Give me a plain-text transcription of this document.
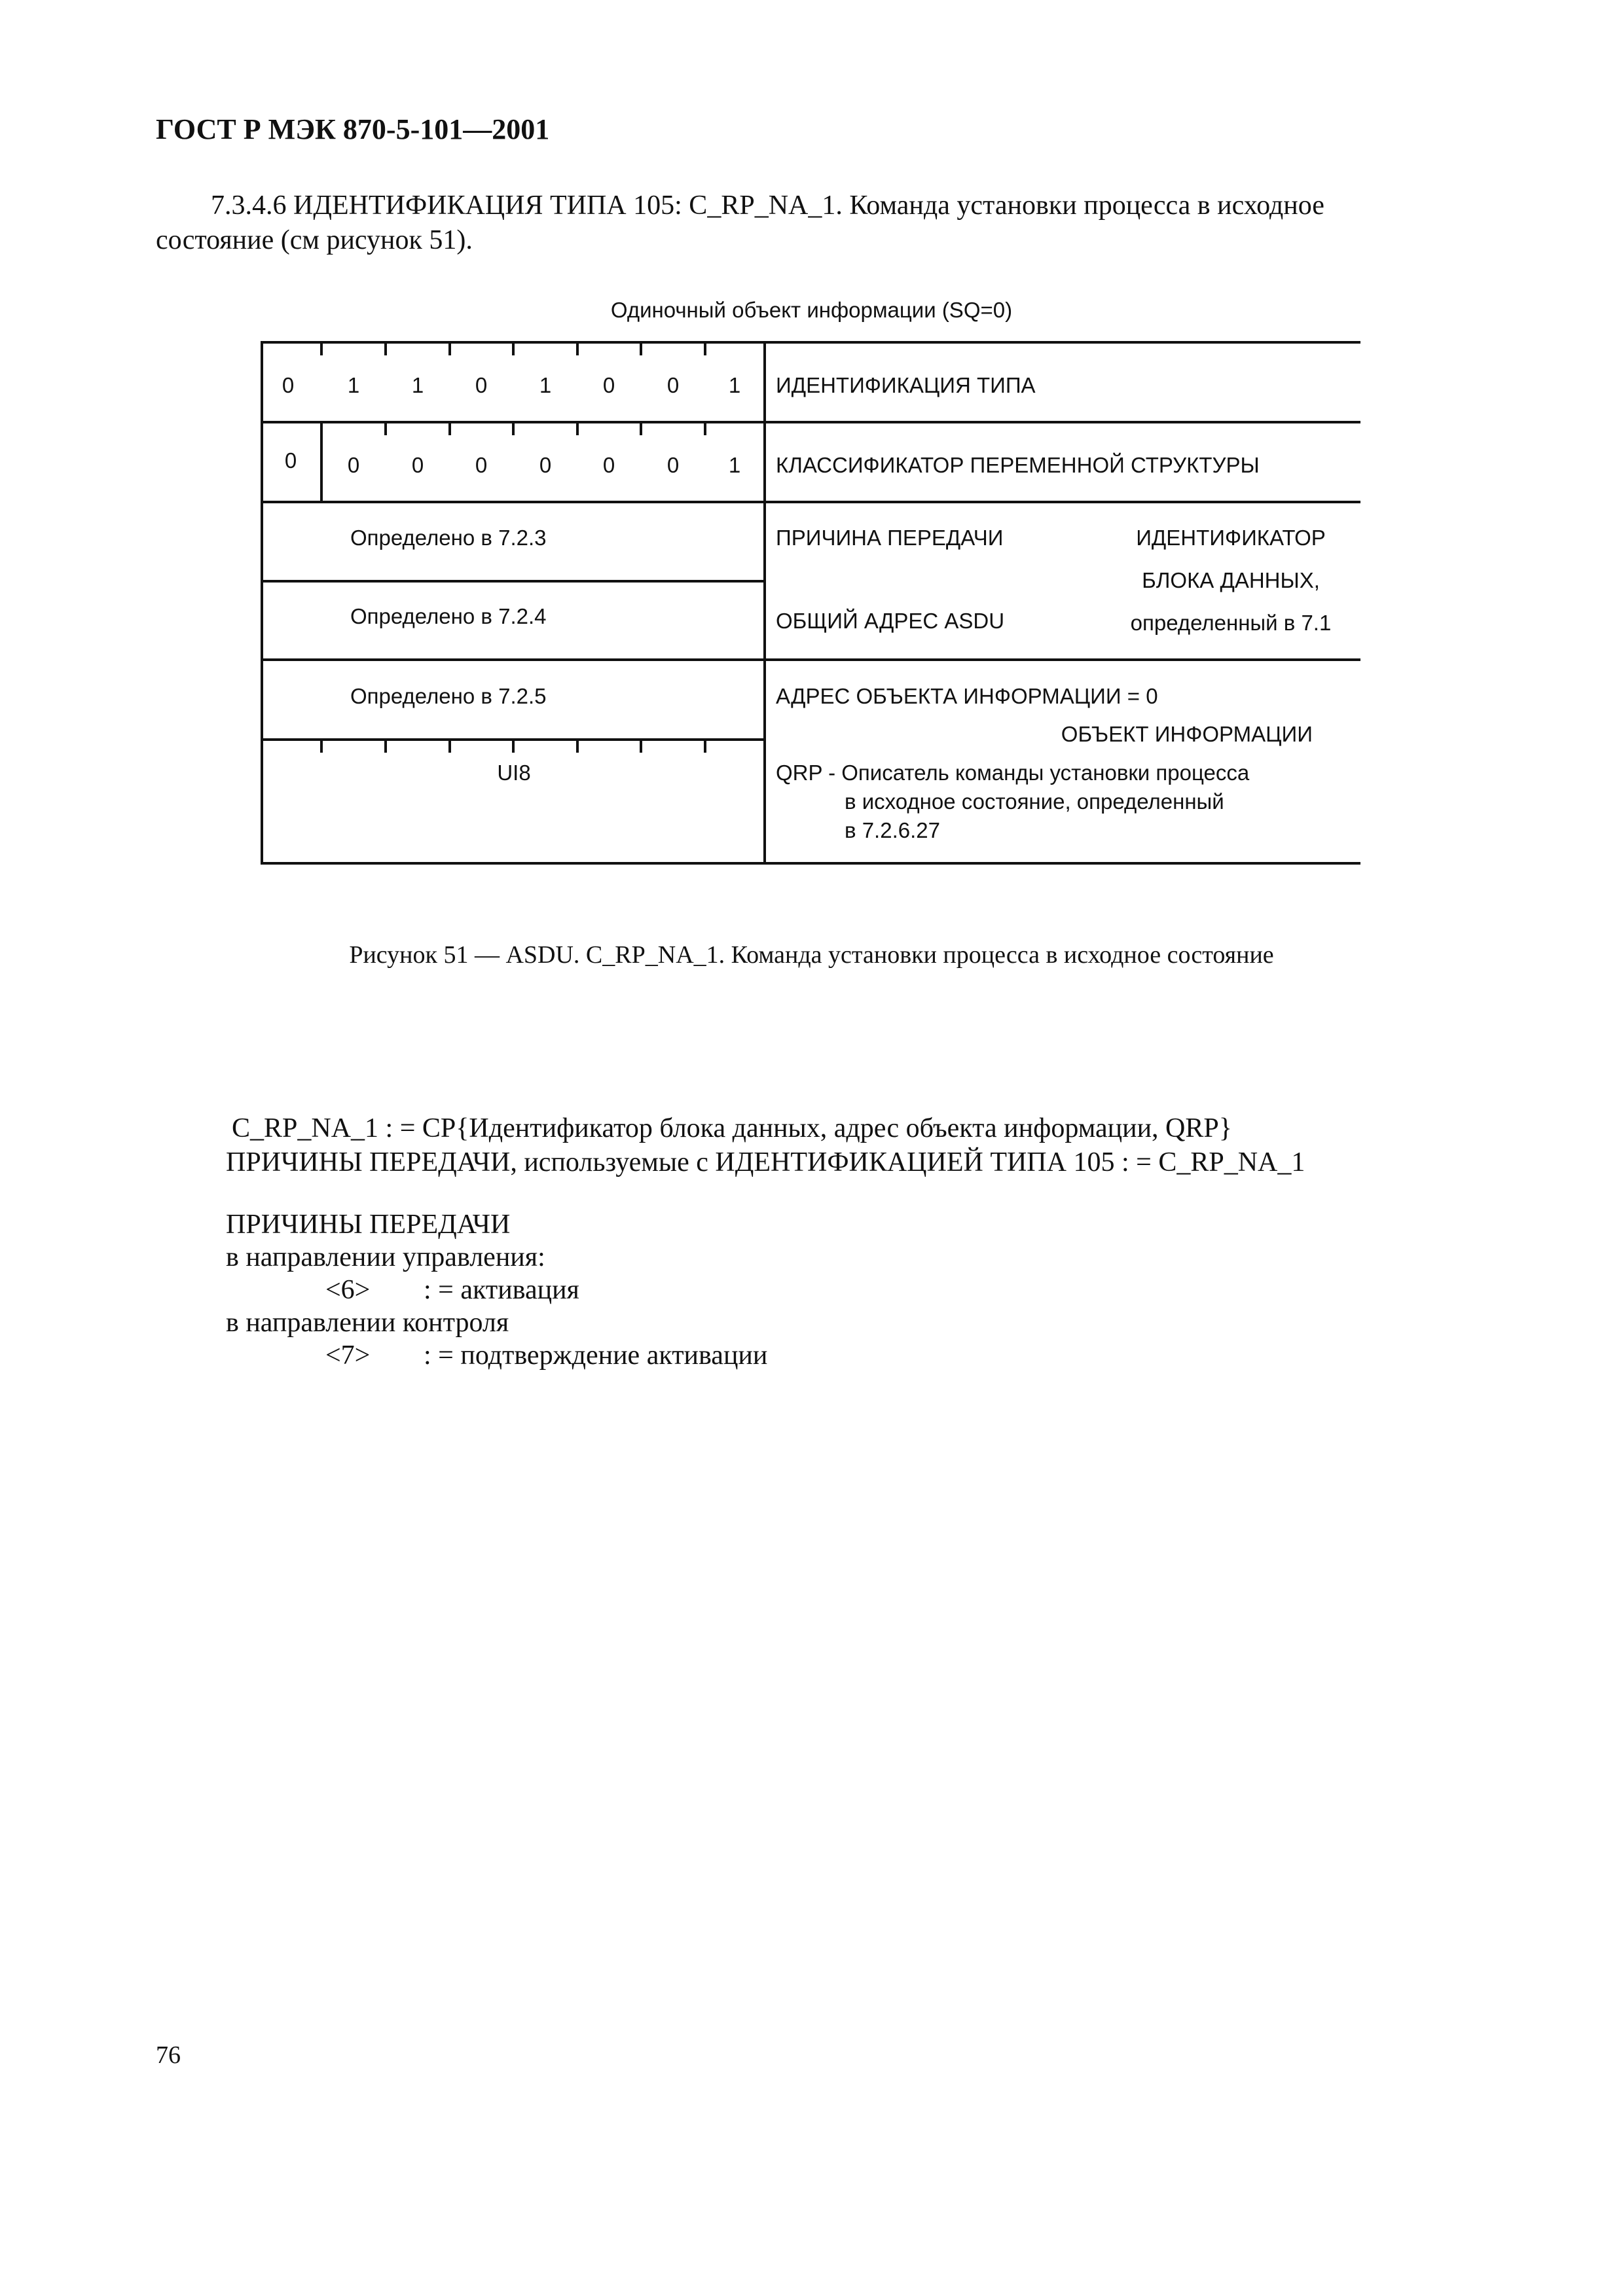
ГОСТ Р МЭК 870-5-101—2001
7.3.4.6 ИДЕНТИФИКАЦИЯ ТИПА 105: C_RP_NA_1. Команда установки процесса в исходное
состояние (см рисунок 51).
Одиночный объект информации (SQ=0)
0 1 1 0 1 0 0 1 ИДЕНТИФИКАЦИЯ ТИПА
0 0 0 0 0 0 0 1 КЛАССИФИКАТОР ПЕРЕМЕННОЙ СТРУКТУРЫ
Определено в 7.2.3	ПРИЧИНА ПЕРЕДАЧИ	ИДЕНТИФИКАТОР
БЛОКА ДАННЫХ,
определенный в 7.1
Определено в 7.2.4	ОБЩИЙ АДРЕС ASDU
Определено в 7.2.5	АДРЕС ОБЪЕКТА ИНФОРМАЦИИ = 0
ОБЪЕКТ ИНФОРМАЦИИ
UI8	QRP - Описатель команды установки процесса
в исходное состояние, определенный
в 7.2.6.27
Рисунок 51 — ASDU. C_RP_NA_1. Команда установки процесса в исходное состояние
C_RP_NA_1 : = CP{Идентификатор блока данных, адрес объекта информации, QRP}
ПРИЧИНЫ ПЕРЕДАЧИ, используемые с ИДЕНТИФИКАЦИЕЙ ТИПА 105 : = C_RP_NA_1
ПРИЧИНЫ ПЕРЕДАЧИ
в направлении управления:
<6> : = активация
в направлении контроля
<7> : = подтверждение активации
76
